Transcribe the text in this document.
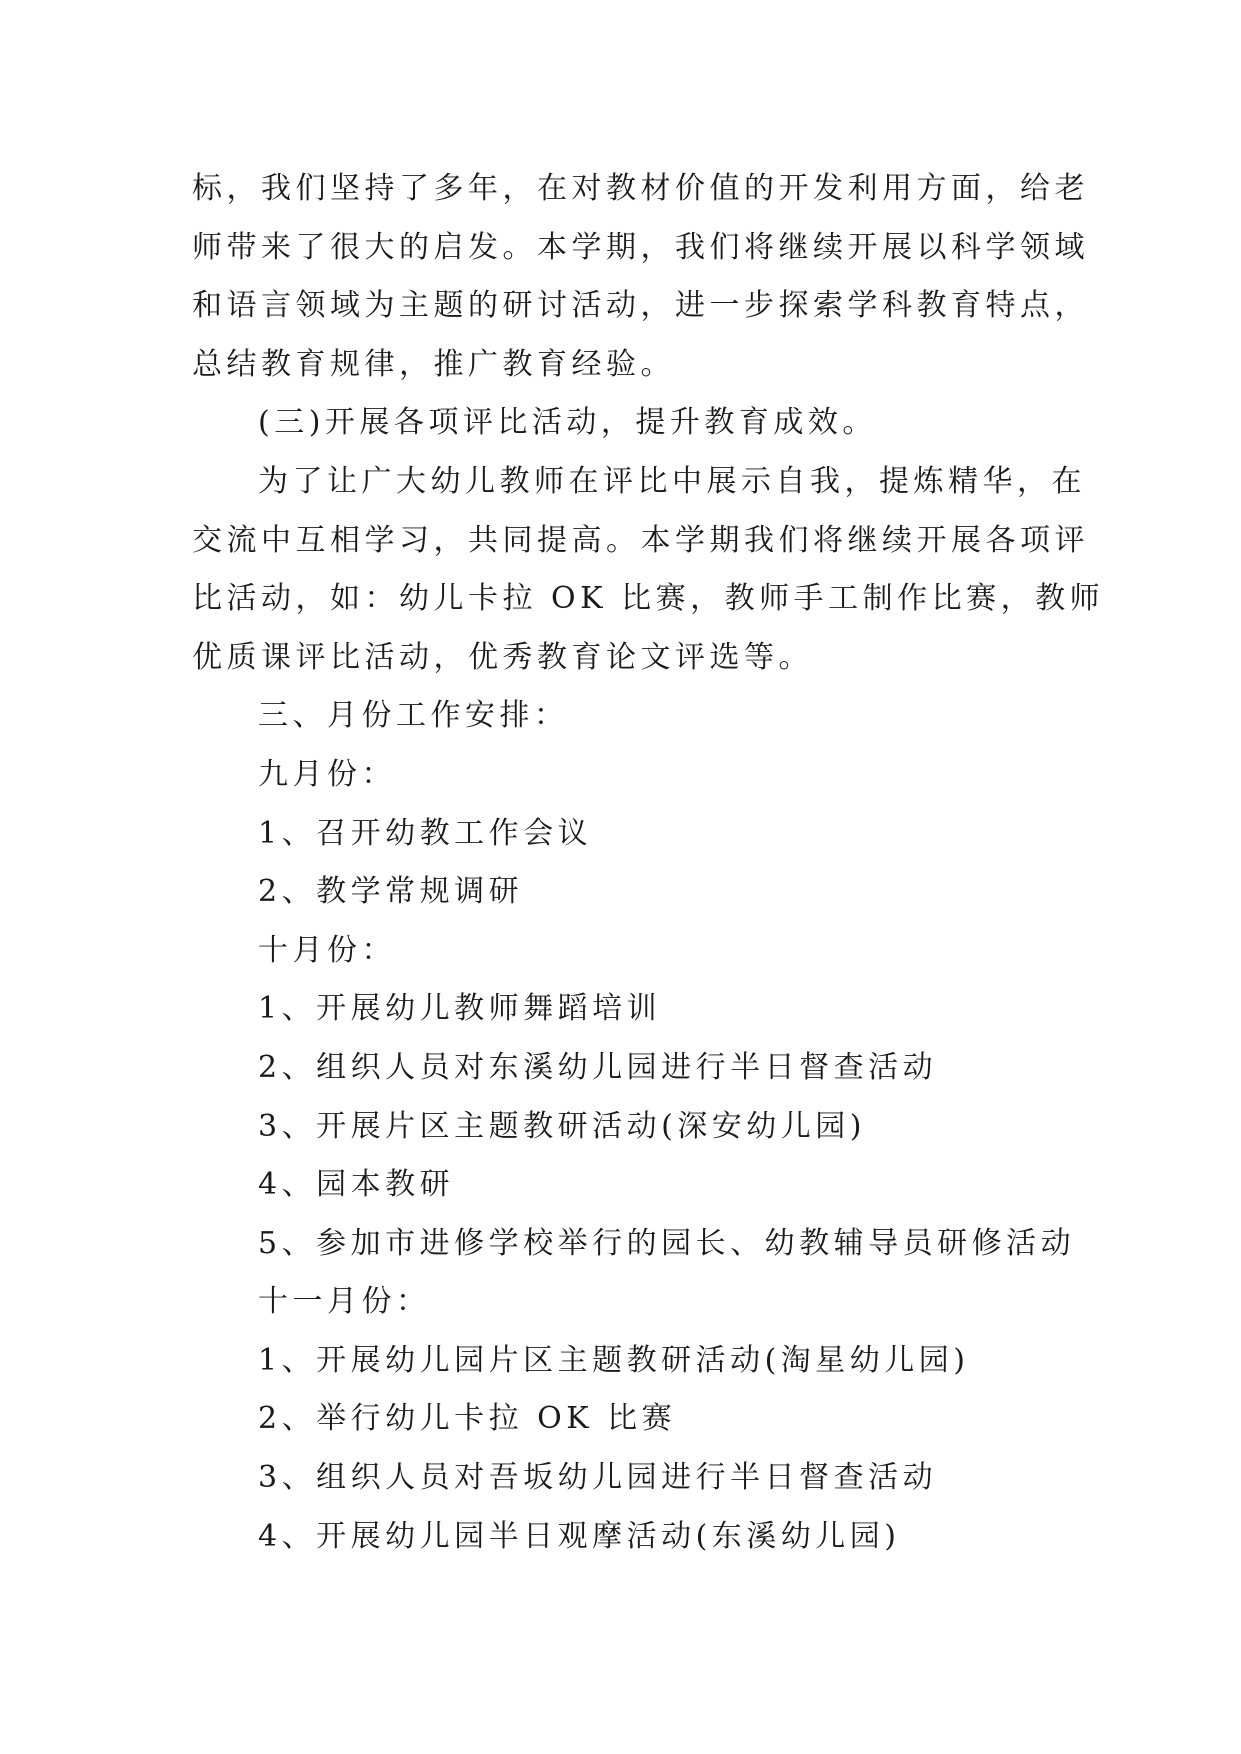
标，我们坚持了多年，在对教材价值的开发利用方面，给老
师带来了很大的启发。本学期，我们将继续开展以科学领域
和语言领域为主题的研讨活动，进一步探索学科教育特点，
总结教育规律，推广教育经验。
(三)开展各项评比活动，提升教育成效。
为了让广大幼儿教师在评比中展示自我，提炼精华，在
交流中互相学习，共同提高。本学期我们将继续开展各项评
比活动，如：幼儿卡拉 OK 比赛，教师手工制作比赛，教师
优质课评比活动，优秀教育论文评选等。
三、月份工作安排：
九月份：
1、召开幼教工作会议
2、教学常规调研
十月份：
1、开展幼儿教师舞蹈培训
2、组织人员对东溪幼儿园进行半日督查活动
3、开展片区主题教研活动(深安幼儿园)
4、园本教研
5、参加市进修学校举行的园长、幼教辅导员研修活动
十一月份：
1、开展幼儿园片区主题教研活动(淘星幼儿园)
2、举行幼儿卡拉 OK 比赛
3、组织人员对吾坂幼儿园进行半日督查活动
4、开展幼儿园半日观摩活动(东溪幼儿园)
